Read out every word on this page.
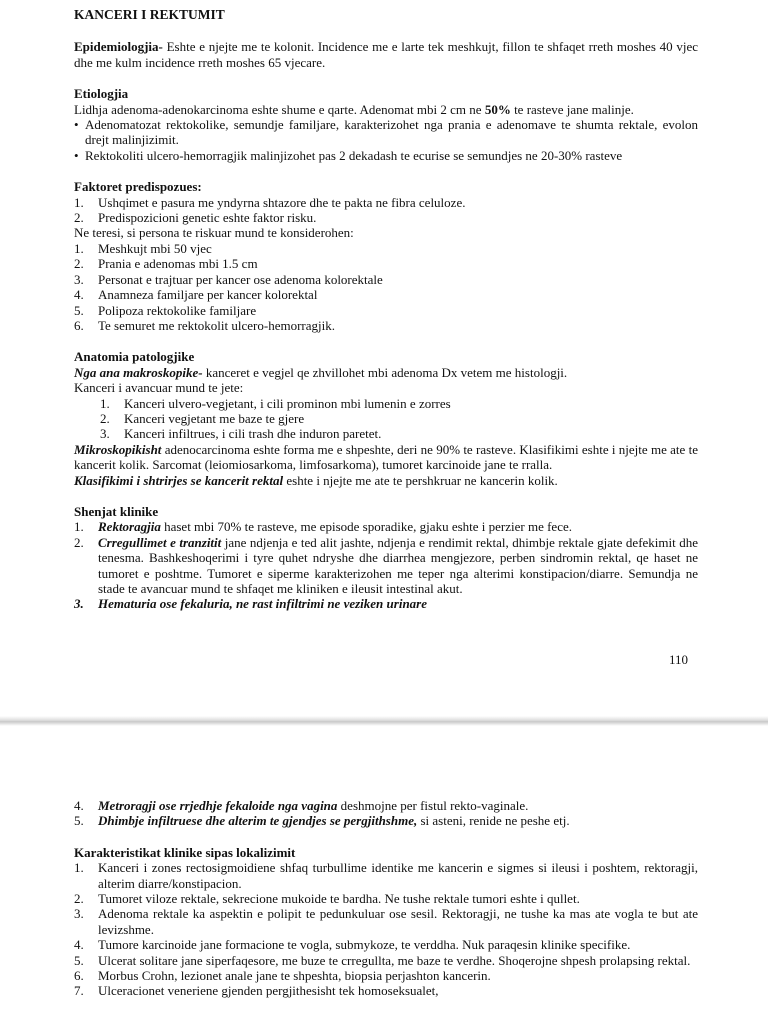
KANCERI I REKTUMIT

Epidemiologjia- Eshte e njejte me te kolonit. Incidence me e larte tek meshkujt, fillon te shfaqet rreth moshes 40 vjec dhe me kulm incidence rreth moshes 65 vjecare.

Etiologjia

Lidhja adenoma-adenokarcinoma eshte shume e qarte. Adenomat mbi 2 cm ne 50% te rasteve jane malinje.

• Adenomatozat rektokolike, semundje familjare, karakterizohet nga prania e adenomave te shumta rektale, evolon drejt malinjizimit.
• Rektokoliti ulcero-hemorragjik malinjizohet pas 2 dekadash te ecurise se semundjes ne 20-30% rasteve

Faktoret predispozues:

1.	Ushqimet e pasura me yndyrna shtazore dhe te pakta ne fibra celuloze.
2.	Predispozicioni genetic eshte faktor risku.

Ne teresi, si persona te riskuar mund te konsiderohen:

1.	Meshkujt mbi 50 vjec
2.	Prania e adenomas mbi 1.5 cm
3.	Personat e trajtuar per kancer ose adenoma kolorektale
4.	Anamneza familjare per kancer kolorektal
5.	Polipoza rektokolike familjare
6.	Te semuret me rektokolit ulcero-hemorragjik.

Anatomia patologjike

Nga ana makroskopike- kanceret e vegjel qe zhvillohet mbi adenoma Dx vetem me histologji.

Kanceri i avancuar mund te jete:

1.	Kanceri ulvero-vegjetant, i cili prominon mbi lumenin e zorres
2.	Kanceri vegjetant me baze te gjere
3.	Kanceri infiltrues, i cili trash dhe induron paretet.

Mikroskopikisht adenocarcinoma eshte forma me e shpeshte, deri ne 90% te rasteve. Klasifikimi eshte i njejte me ate te kancerit kolik. Sarcomat (leiomiosarkoma, limfosarkoma), tumoret karcinoide jane te rralla.

Klasifikimi i shtrirjes se kancerit rektal eshte i njejte me ate te pershkruar ne kancerin kolik.

Shenjat klinike

1.	Rektoragjia haset mbi 70% te rasteve, me episode sporadike, gjaku eshte i perzier me fece.
2.	Crregullimet e tranzitit jane ndjenja e ted alit jashte, ndjenja e rendimit rektal, dhimbje rektale gjate defekimit dhe tenesma. Bashkeshoqerimi i tyre quhet ndryshe dhe diarrhea mengjezore, perben sindromin rektal, qe haset ne tumoret e poshtme. Tumoret e siperme karakterizohen me teper nga alterimi konstipacion/diarre. Semundja ne stade te avancuar mund te shfaqet me kliniken e ileusit intestinal akut.
3.	Hematuria ose fekaluria, ne rast infiltrimi ne veziken urinare
110
4.	Metroragji ose rrjedhje fekaloide nga vagina deshmojne per fistul rekto-vaginale.
5.	Dhimbje infiltruese dhe alterim te gjendjes se pergjithshme, si asteni, renide ne peshe etj.

Karakteristikat klinike sipas lokalizimit

1.	Kanceri i zones rectosigmoidiene shfaq turbullime identike me kancerin e sigmes si ileusi i poshtem, rektoragji, alterim diarre/konstipacion.
2.	Tumoret viloze rektale, sekrecione mukoide te bardha. Ne tushe rektale tumori eshte i qullet.
3.	Adenoma rektale ka aspektin e polipit te pedunkuluar ose sesil. Rektoragji, ne tushe ka mas ate vogla te but ate levizshme.
4.	Tumore karcinoide jane formacione te vogla, submykoze, te verddha. Nuk paraqesin klinike specifike.
5.	Ulcerat solitare jane siperfaqesore, me buze te crregullta, me baze te verdhe. Shoqerojne shpesh prolapsing rektal.
6.	Morbus Crohn, lezionet anale jane te shpeshta, biopsia perjashton kancerin.
7.	Ulceracionet veneriene gjenden pergjithesisht tek homoseksualet,
